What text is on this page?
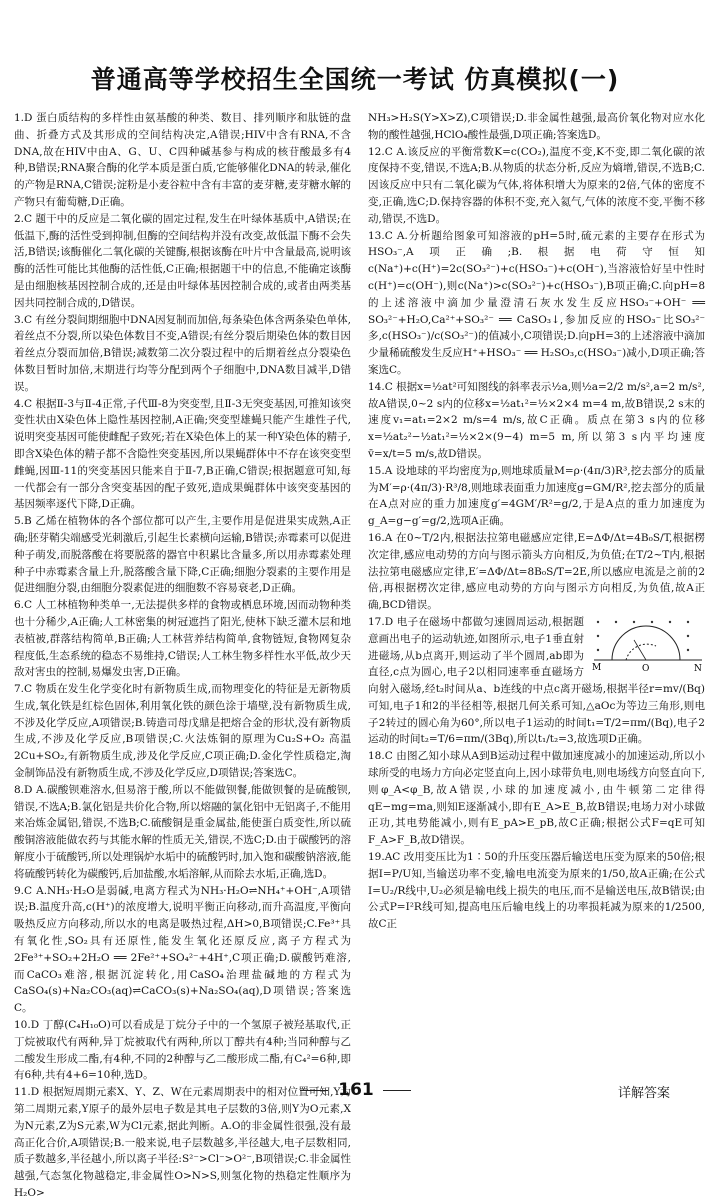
普通高等学校招生全国统一考试 仿真模拟(一)

1.D 蛋白质结构的多样性由氨基酸的种类、数目、排列顺序和肽链的盘曲、折叠方式及其形成的空间结构决定,A错误;HIV中含有RNA,不含DNA,故在HIV中由A、G、U、C四种碱基参与构成的核苷酸最多有4种,B错误;RNA聚合酶的化学本质是蛋白质,它能够催化DNA的转录,催化的产物是RNA,C错误;淀粉是小麦谷粒中含有丰富的麦芽糖,麦芽糖水解的产物只有葡萄糖,D正确。

2.C 题干中的反应是二氧化碳的固定过程,发生在叶绿体基质中,A错误;在低温下,酶的活性受到抑制,但酶的空间结构并没有改变,故低温下酶不会失活,B错误;该酶催化二氧化碳的关键酶,根据该酶在叶片中含量最高,说明该酶的活性可能比其他酶的活性低,C正确;根据题干中的信息,不能确定该酶是由细胞核基因控制合成的,还是由叶绿体基因控制合成的,或者由两类基因共同控制合成的,D错误。

3.C 有丝分裂间期细胞中DNA因复制而加倍,每条染色体含两条染色单体,着丝点不分裂,所以染色体数目不变,A错误;有丝分裂后期染色体的数目因着丝点分裂而加倍,B错误;减数第二次分裂过程中的后期着丝点分裂染色体数目暂时加倍,末期进行均等分配到两个子细胞中,DNA数目减半,D错误。

4.C 根据Ⅱ-3与Ⅱ-4正常,子代Ⅲ-8为突变型,且Ⅱ-3无突变基因,可推知该突变性状由X染色体上隐性基因控制,A正确;突变型雄蝇只能产生雄性子代,说明突变基因可能使雌配子致死;若在X染色体上的某一种Y染色体的精子,即含X染色体的精子都不含隐性突变基因,所以果蝇群体中不存在该突变型雌蝇,因Ⅲ-11的突变基因只能来自于Ⅱ-7,B正确,C错误;根据题意可知,每一代都会有一部分含突变基因的配子致死,造成果蝇群体中该突变基因的基因频率逐代下降,D正确。

5.B 乙烯在植物体的各个部位都可以产生,主要作用是促进果实成熟,A正确;胚芽鞘尖端感受光刺激后,引起生长素横向运输,B错误;赤霉素可以促进种子萌发,而脱落酸在将要脱落的器官中积累比含量多,所以用赤霉素处理种子中赤霉素含量上升,脱落酸含量下降,C正确;细胞分裂素的主要作用是促进细胞分裂,由细胞分裂素促进的细胞数不容易衰老,D正确。

6.C 人工林植物种类单一,无法提供多样的食物或栖息环境,因而动物种类也十分稀少,A正确;人工林密集的树冠遮挡了阳光,使林下缺乏灌木层和地表植被,群落结构简单,B正确;人工林营养结构简单,食物链短,食物网复杂程度低,生态系统的稳态不易维持,C错误;人工林生物多样性水平低,故少天敌对害虫的控制,易爆发虫害,D正确。

7.C 物质在发生化学变化时有新物质生成,而物理变化的特征是无新物质生成,氧化铁是红棕色固体,利用氧化铁的颜色涂于墙壁,没有新物质生成,不涉及化学反应,A项错误;B.铸造司母戊鼎是把熔合金的形状,没有新物质生成,不涉及化学反应,B项错误;C.火法炼铜的原理为Cu₂S+O₂ 高温 2Cu+SO₂,有新物质生成,涉及化学反应,C项正确;D.金化学性质稳定,淘金制饰品没有新物质生成,不涉及化学反应,D项错误;答案选C。

8.D A.碳酸钡难溶水,但易溶于酸,所以不能做钡餐,能做钡餐的是硫酸钡,错误,不选A;B.氯化铝是共价化合物,所以熔融的氯化铝中无铝离子,不能用来冶炼金属铝,错误,不选B;C.硫酸铜是重金属盐,能使蛋白质变性,所以硫酸铜溶液能做农药与其能水解的性质无关,错误,不选C;D.由于碳酸钙的溶解度小于硫酸钙,所以处理锅炉水垢中的硫酸钙时,加入饱和碳酸钠溶液,能将硫酸钙转化为碳酸钙,后加盐酸,水垢溶解,从而除去水垢,正确,选D。

9.C A.NH₃·H₂O是弱碱,电离方程式为NH₃·H₂O⇌NH₄⁺+OH⁻,A项错误;B.温度升高,c(H⁺)的浓度增大,说明平衡正向移动,而升高温度,平衡向吸热反应方向移动,所以水的电离是吸热过程,ΔH>0,B项错误;C.Fe³⁺具有氧化性,SO₂具有还原性,能发生氧化还原反应,离子方程式为2Fe³⁺+SO₂+2H₂O ══ 2Fe²⁺+SO₄²⁻+4H⁺,C项正确;D.碳酸钙难溶,而CaCO₃难溶,根据沉淀转化,用CaSO₄治理盐碱地的方程式为CaSO₄(s)+Na₂CO₃(aq)⇌CaCO₃(s)+Na₂SO₄(aq),D项错误;答案选C。

10.D 丁醇(C₄H₁₀O)可以看成是丁烷分子中的一个氢原子被羟基取代,正丁烷被取代有两种,异丁烷被取代有两种,所以丁醇共有4种;当同种醇与乙二酸发生形成二酯,有4种,不同的2种醇与乙二酸形成二酯,有C₄²=6种,即有6种,共有4+6=10种,选D。

11.D 根据短周期元素X、Y、Z、W在元素周期表中的相对位置可知,Y为第二周期元素,Y原子的最外层电子数是其电子层数的3倍,则Y为O元素,X为N元素,Z为S元素,W为Cl元素,据此判断。A.O的非金属性很强,没有最高正化合价,A项错误;B.一般来说,电子层数越多,半径越大,电子层数相同,质子数越多,半径越小,所以离子半径:S²⁻>Cl⁻>O²⁻,B项错误;C.非金属性越强,气态氢化物越稳定,非金属性O>N>S,则氢化物的热稳定性顺序为H₂O>

NH₃>H₂S(Y>X>Z),C项错误;D.非金属性越强,最高价氧化物对应水化物的酸性越强,HClO₄酸性最强,D项正确;答案选D。

12.C A.该反应的平衡常数K=c(CO₂),温度不变,K不变,即二氧化碳的浓度保持不变,错误,不选A;B.从物质的状态分析,反应为熵增,错误,不选B;C.因该反应中只有二氧化碳为气体,将体积增大为原来的2倍,气体的密度不变,正确,选C;D.保持容器的体积不变,充入氦气,气体的浓度不变,平衡不移动,错误,不选D。

13.C A.分析题给图象可知溶液的pH=5时,硫元素的主要存在形式为HSO₃⁻,A项正确;B.根据电荷守恒知c(Na⁺)+c(H⁺)=2c(SO₃²⁻)+c(HSO₃⁻)+c(OH⁻),当溶液恰好呈中性时c(H⁺)=c(OH⁻),则c(Na⁺)>c(SO₃²⁻)+c(HSO₃⁻),B项正确;C.向pH=8的上述溶液中滴加少量澄清石灰水发生反应HSO₃⁻+OH⁻ ══ SO₃²⁻+H₂O,Ca²⁺+SO₃²⁻ ══ CaSO₃↓,参加反应的HSO₃⁻比SO₃²⁻多,c(HSO₃⁻)/c(SO₃²⁻)的值减小,C项错误;D.向pH=3的上述溶液中滴加少量稀硫酸发生反应H⁺+HSO₃⁻ ══ H₂SO₃,c(HSO₃⁻)减小,D项正确;答案选C。

14.C 根据x=½at²可知图线的斜率表示½a,则½a=2/2 m/s²,a=2 m/s²,故A错误,0~2 s内的位移x=½at₁²=½×2×4 m=4 m,故B错误,2 s末的速度v₁=at₁=2×2 m/s=4 m/s,故C正确。质点在第3 s内的位移x=½at₂²−½at₁²=½×2×(9−4) m=5 m,所以第3 s内平均速度v̄=x/t=5 m/s,故D错误。

15.A 设地球的平均密度为ρ,则地球质量M=ρ·(4π/3)R³,挖去部分的质量为M′=ρ·(4π/3)·R³/8,则地球表面重力加速度g=GM/R²,挖去部分的质量在A点对应的重力加速度g′=4GM′/R²=g/2,于是A点的重力加速度为g_A=g−g′=g/2,选项A正确。

16.A 在0~T/2内,根据法拉第电磁感应定律,E=ΔΦ/Δt=4B₀S/T,根据楞次定律,感应电动势的方向与图示箭头方向相反,为负值;在T/2~T内,根据法拉第电磁感应定律,E′=ΔΦ/Δt=8B₀S/T=2E,所以感应电流是之前的2倍,再根据楞次定律,感应电动势的方向与图示方向相反,为负值,故A正确,BCD错误。

M	O	N

17.D 电子在磁场中都做匀速圆周运动,根据题意画出电子的运动轨迹,如图所示,电子1垂直射进磁场,从b点离开,则运动了半个圆周,ab即为直径,c点为圆心,电子2以相同速率垂直磁场方向射入磁场,经t₂时间从a、b连线的中点c离开磁场,根据半径r=mv/(Bq)可知,电子1和2的半径相等,根据几何关系可知,△aOc为等边三角形,则电子2转过的圆心角为60°,所以电子1运动的时间t₁=T/2=πm/(Bq),电子2运动的时间t₂=T/6=πm/(3Bq),所以t₁/t₂=3,故选项D正确。

18.C 由图乙知小球从A到B运动过程中做加速度减小的加速运动,所以小球所受的电场力方向必定竖直向上,因小球带负电,则电场线方向竖直向下,则φ_A<φ_B,故A错误,小球的加速度减小,由牛顿第二定律得qE−mg=ma,则知E逐渐减小,即有E_A>E_B,故B错误;电场力对小球做正功,其电势能减小,则有E_pA>E_pB,故C正确;根据公式F=qE可知F_A>F_B,故D错误。

19.AC 改用变压比为1∶50的升压变压器后输送电压变为原来的50倍;根据I=P/U知,当输送功率不变,输电电流变为原来的1/50,故A正确;在公式I=U₂/R线中,U₂必须是输电线上损失的电压,而不是输送电压,故B错误;由公式P=I²R线可知,提高电压后输电线上的功率损耗减为原来的1/2500,故C正

161	详解答案
